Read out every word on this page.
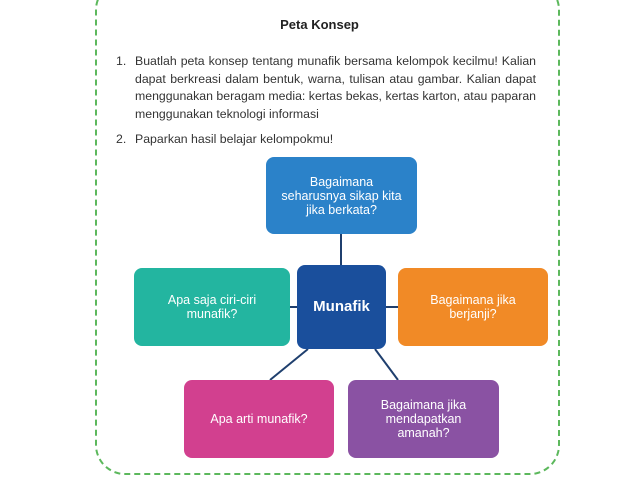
Peta Konsep
1. Buatlah peta konsep tentang munafik bersama kelompok kecilmu! Kalian dapat berkreasi dalam bentuk, warna, tulisan atau gambar. Kalian dapat menggunakan beragam media: kertas bekas, kertas karton, atau paparan menggunakan teknologi informasi
2. Paparkan hasil belajar kelompokmu!
Bagaimana seharusnya sikap kita jika berkata?
Apa saja ciri-ciri munafik?
Bagaimana jika berjanji?
Apa arti munafik?
Bagaimana jika mendapatkan amanah?
Munafik
